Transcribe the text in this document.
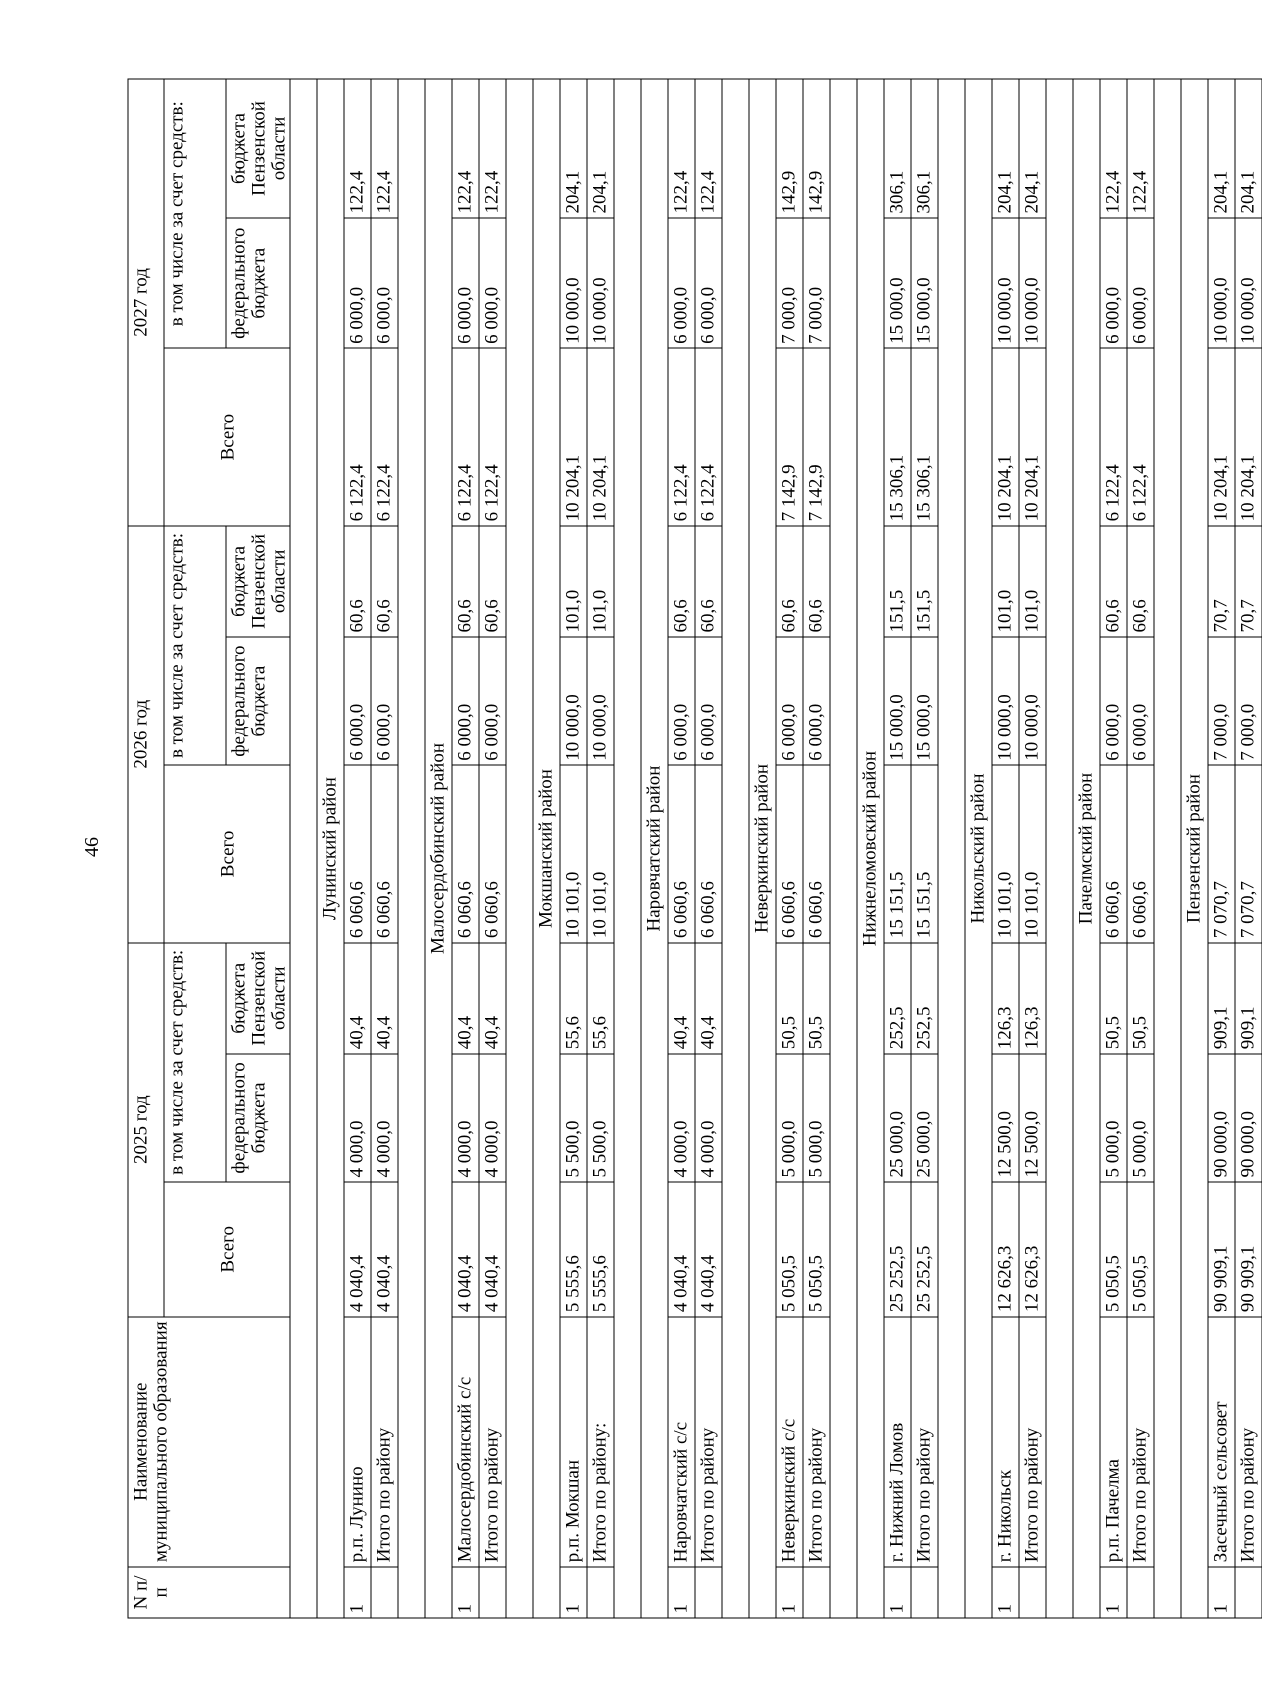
46
N п/п	Наименование муниципального образования	2025 год			2026 год			2027 год		
		Всего	в том числе за счет средств:		Всего	в том числе за счет средств:		Всего	в том числе за счет средств:	
			федерального бюджета	бюджета Пензенской области		федерального бюджета	бюджета Пензенской области		федерального бюджета	бюджета Пензенской области

Лунинский район										
1	р.п. Лунино	4 040,4	4 000,0	40,4	6 060,6	6 000,0	60,6	6 122,4	6 000,0	122,4
	Итого по району	4 040,4	4 000,0	40,4	6 060,6	6 000,0	60,6	6 122,4	6 000,0	122,4

Малосердобинский район										
1	Малосердобинский с/с	4 040,4	4 000,0	40,4	6 060,6	6 000,0	60,6	6 122,4	6 000,0	122,4
	Итого по району	4 040,4	4 000,0	40,4	6 060,6	6 000,0	60,6	6 122,4	6 000,0	122,4

Мокшанский район										
1	р.п. Мокшан	5 555,6	5 500,0	55,6	10 101,0	10 000,0	101,0	10 204,1	10 000,0	204,1
	Итого по району:	5 555,6	5 500,0	55,6	10 101,0	10 000,0	101,0	10 204,1	10 000,0	204,1

Наровчатский район										
1	Наровчатский с/с	4 040,4	4 000,0	40,4	6 060,6	6 000,0	60,6	6 122,4	6 000,0	122,4
	Итого по району	4 040,4	4 000,0	40,4	6 060,6	6 000,0	60,6	6 122,4	6 000,0	122,4

Неверкинский район										
1	Неверкинский с/с	5 050,5	5 000,0	50,5	6 060,6	6 000,0	60,6	7 142,9	7 000,0	142,9
	Итого по району	5 050,5	5 000,0	50,5	6 060,6	6 000,0	60,6	7 142,9	7 000,0	142,9

Нижнеломовский район										
1	г. Нижний Ломов	25 252,5	25 000,0	252,5	15 151,5	15 000,0	151,5	15 306,1	15 000,0	306,1
	Итого по району	25 252,5	25 000,0	252,5	15 151,5	15 000,0	151,5	15 306,1	15 000,0	306,1

Никольский район										
1	г. Никольск	12 626,3	12 500,0	126,3	10 101,0	10 000,0	101,0	10 204,1	10 000,0	204,1
	Итого по району	12 626,3	12 500,0	126,3	10 101,0	10 000,0	101,0	10 204,1	10 000,0	204,1

Пачелмский район										
1	р.п. Пачелма	5 050,5	5 000,0	50,5	6 060,6	6 000,0	60,6	6 122,4	6 000,0	122,4
	Итого по району	5 050,5	5 000,0	50,5	6 060,6	6 000,0	60,6	6 122,4	6 000,0	122,4

Пензенский район										
1	Засечный сельсовет	90 909,1	90 000,0	909,1	7 070,7	7 000,0	70,7	10 204,1	10 000,0	204,1
	Итого по району	90 909,1	90 000,0	909,1	7 070,7	7 000,0	70,7	10 204,1	10 000,0	204,1
